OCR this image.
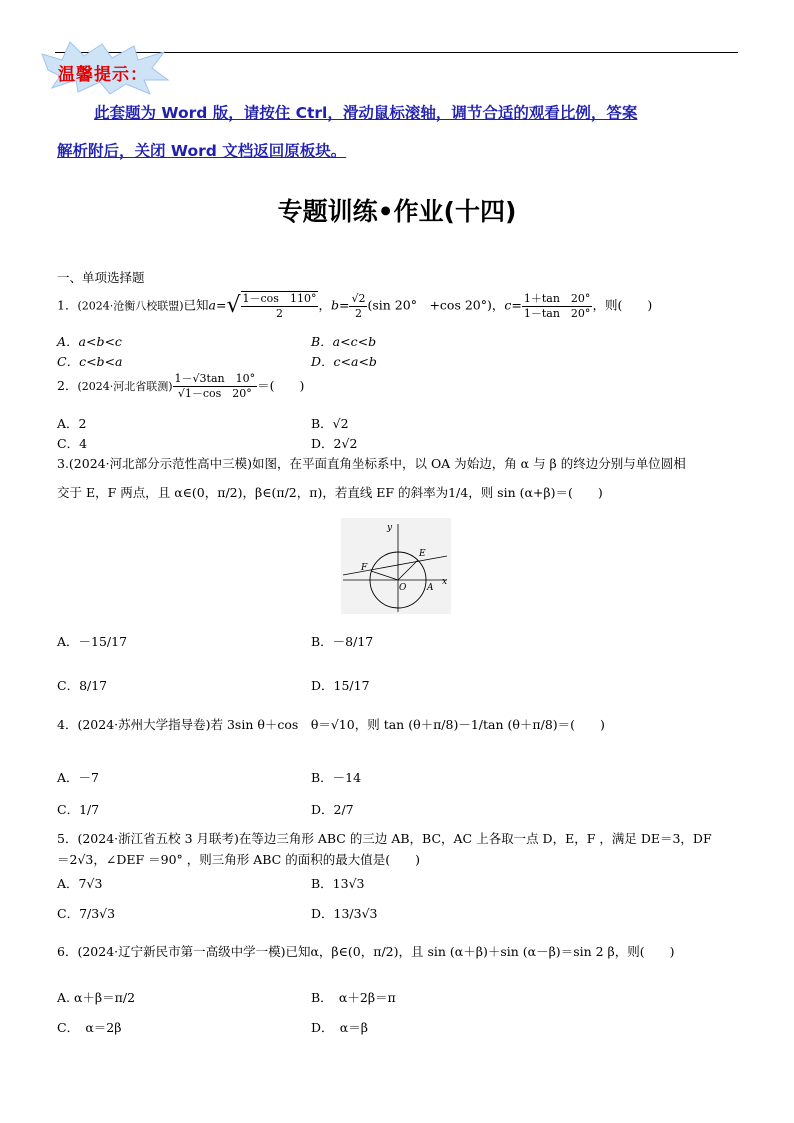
温馨提示：
此套题为 Word 版，请按住 Ctrl，滑动鼠标滚轴，调节合适的观看比例，答案
解析附后，关闭 Word 文档返回原板块。
专题训练•作业(十四)
一、单项选择题
1．(2024·沧衡八校联盟)已知$a=√ \frac{1-\cos 110^\circ}{2}$ ，$b= \frac{√2}{2} (\sin$ 20°　+cos 20°)，$c= \frac{1+\tan 20^\circ}{1-\tan 20^\circ}$ ，则(　　)
A．a<b<c	B．a<c<b
C．c<b<a	D．c<a<b
2．(2024·河北省联测) $\frac{1-√3\tan 10^\circ}{√1-\cos 20^\circ}$ ＝(　　)
A．2	B．√2
C．4	D．2√2
3.(2024·河北部分示范性高中三模)如图，在平面直角坐标系中，以 OA 为始边，角 α 与 β 的终边分别与单位圆相
交于 E，F 两点，且 α∈(0，π/2)，β∈(π/2，π)，若直线 EF 的斜率为1/4，则 sin (α+β)＝(　　)
y
x
E
F
O A
A．－15/17	B．－8/17
C．8/17	D．15/17
4．(2024·苏州大学指导卷)若 3sin θ＋cos　θ＝√10，则 tan (θ＋π/8)－1/tan (θ＋π/8)＝(　　)
A．－7	B．－14
C．1/7	D．2/7
5．(2024·浙江省五校 3 月联考)在等边三角形 ABC 的三边 AB，BC，AC 上各取一点 D，E，F ，满足 DE＝3，DF
＝2√3，∠DEF ＝90° ，则三角形 ABC 的面积的最大值是(　　)
A．7√3	B．13√3
C．7/3√3	D．13/3√3
6．(2024·辽宁新民市第一高级中学一模)已知α，β∈(0，π/2)，且 sin (α＋β)＋sin (α－β)＝sin 2 β，则(　　)
A. α＋β＝π/2	B．　α＋2β＝π
C．　α＝2β	D．　α＝β
